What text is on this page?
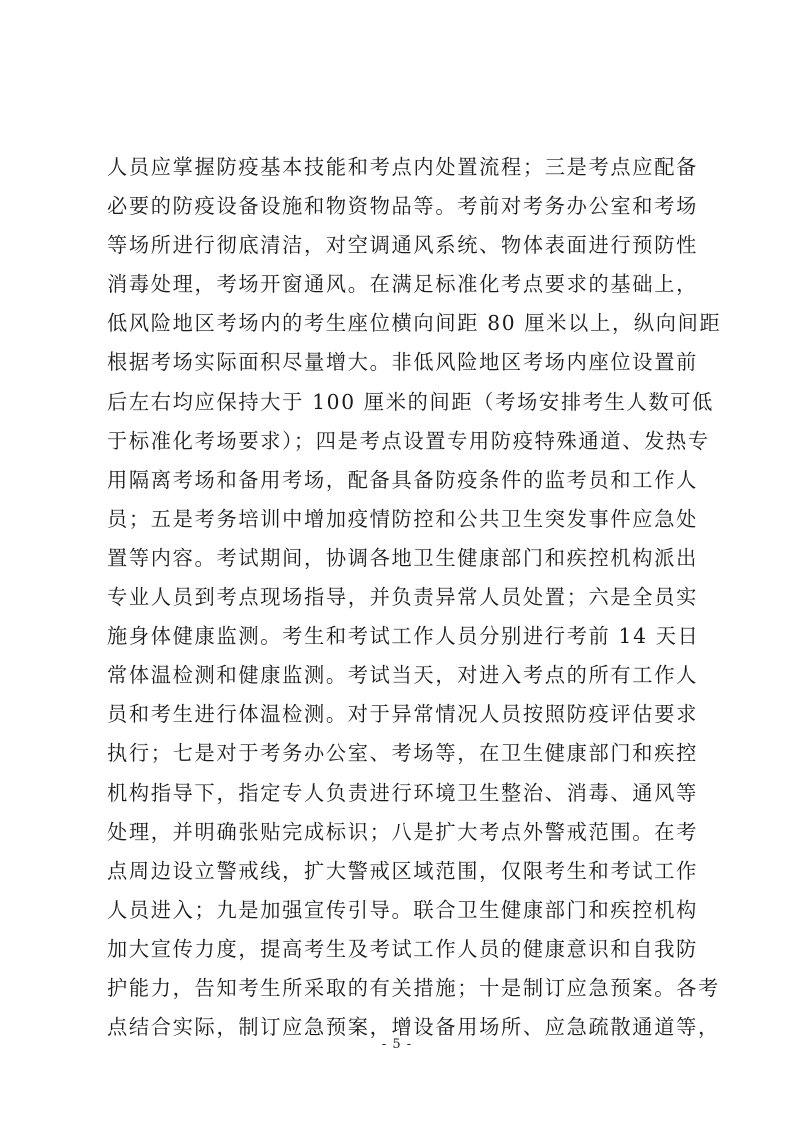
人员应掌握防疫基本技能和考点内处置流程；三是考点应配备
必要的防疫设备设施和物资物品等。考前对考务办公室和考场
等场所进行彻底清洁，对空调通风系统、物体表面进行预防性
消毒处理，考场开窗通风。在满足标准化考点要求的基础上，
低风险地区考场内的考生座位横向间距 80 厘米以上，纵向间距
根据考场实际面积尽量增大。非低风险地区考场内座位设置前
后左右均应保持大于 100 厘米的间距（考场安排考生人数可低
于标准化考场要求）；四是考点设置专用防疫特殊通道、发热专
用隔离考场和备用考场，配备具备防疫条件的监考员和工作人
员；五是考务培训中增加疫情防控和公共卫生突发事件应急处
置等内容。考试期间，协调各地卫生健康部门和疾控机构派出
专业人员到考点现场指导，并负责异常人员处置；六是全员实
施身体健康监测。考生和考试工作人员分别进行考前 14 天日
常体温检测和健康监测。考试当天，对进入考点的所有工作人
员和考生进行体温检测。对于异常情况人员按照防疫评估要求
执行；七是对于考务办公室、考场等，在卫生健康部门和疾控
机构指导下，指定专人负责进行环境卫生整治、消毒、通风等
处理，并明确张贴完成标识；八是扩大考点外警戒范围。在考
点周边设立警戒线，扩大警戒区域范围，仅限考生和考试工作
人员进入；九是加强宣传引导。联合卫生健康部门和疾控机构
加大宣传力度，提高考生及考试工作人员的健康意识和自我防
护能力，告知考生所采取的有关措施；十是制订应急预案。各考
点结合实际，制订应急预案，增设备用场所、应急疏散通道等，
- 5 -
